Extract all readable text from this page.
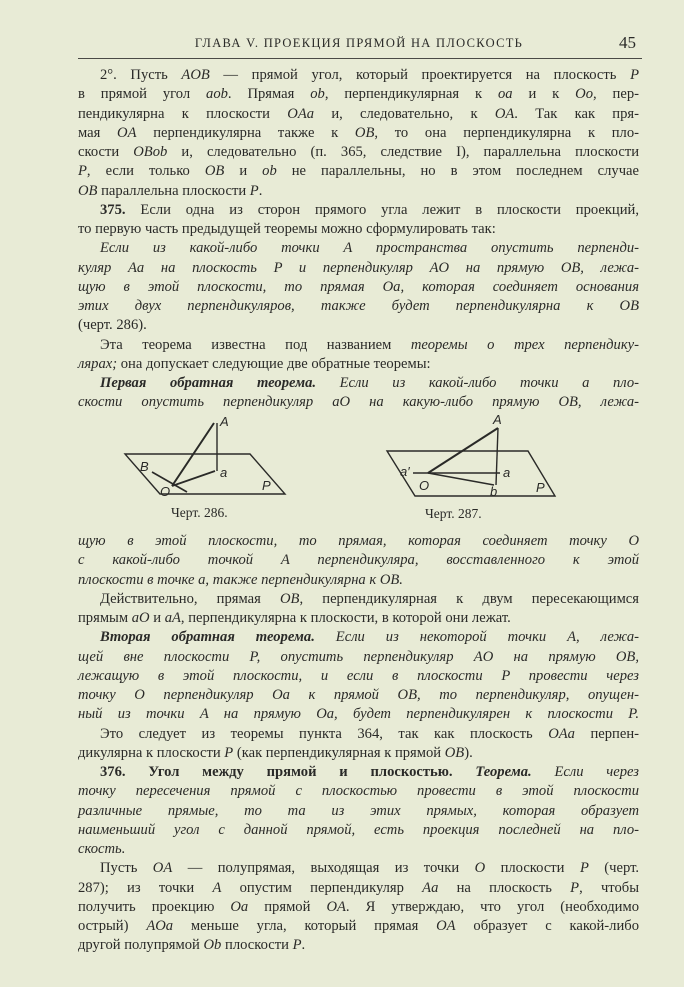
ГЛАВА V. ПРОЕКЦИЯ ПРЯМОЙ НА ПЛОСКОСТЬ	45
2°. Пусть AOB — прямой угол, который проектируется на плоскость P
в прямой угол aob. Прямая ob, перпендикулярная к oa и к Oo, пер-
пендикулярна к плоскости OAa и, следовательно, к OA. Так как пря-
мая OA перпендикулярна также к OB, то она перпендикулярна к пло-
скости OBob и, следовательно (п. 365, следствие I), параллельна плоскости
P, если только OB и ob не параллельны, но в этом последнем случае
OB параллельна плоскости P.
375. Если одна из сторон прямого угла лежит в плоскости проекций,
то первую часть предыдущей теоремы можно сформулировать так:
Если из какой-либо точки A пространства опустить перпенди-
куляр Aa на плоскость P и перпендикуляр AO на прямую OB, лежа-
щую в этой плоскости, то прямая Oa, которая соединяет основания
этих двух перпендикуляров, также будет перпендикулярна к OB
(черт. 286).
Эта теорема известна под названием теоремы о трех перпендику-
лярах; она допускает следующие две обратные теоремы:
Первая обратная теорема. Если из какой-либо точки a пло-
скости опустить перпендикуляр aO на какую-либо прямую OB, лежа-
A
B
O
a
P
Черт. 286.
A
a′
O
a
b	P
Черт. 287.
щую в этой плоскости, то прямая, которая соединяет точку O
с какой-либо точкой A перпендикуляра, восставленного к этой
плоскости в точке a, также перпендикулярна к OB.
Действительно, прямая OB, перпендикулярная к двум пересекающимся
прямым aO и aA, перпендикулярна к плоскости, в которой они лежат.
Вторая обратная теорема. Если из некоторой точки A, лежа-
щей вне плоскости P, опустить перпендикуляр AO на прямую OB,
лежащую в этой плоскости, и если в плоскости P провести через
точку O перпендикуляр Oa к прямой OB, то перпендикуляр, опущен-
ный из точки A на прямую Oa, будет перпендикулярен к плоскости P.
Это следует из теоремы пункта 364, так как плоскость OAa перпен-
дикулярна к плоскости P (как перпендикулярная к прямой OB).
376. Угол между прямой и плоскостью. Теорема. Если через
точку пересечения прямой с плоскостью провести в этой плоскости
различные прямые, то та из этих прямых, которая образует
наименьший угол с данной прямой, есть проекция последней на пло-
скость.
Пусть OA — полупрямая, выходящая из точки O плоскости P (черт.
287); из точки A опустим перпендикуляр Aa на плоскость P, чтобы
получить проекцию Oa прямой OA. Я утверждаю, что угол (необходимо
острый) AOa меньше угла, который прямая OA образует с какой-либо
другой полупрямой Ob плоскости P.
